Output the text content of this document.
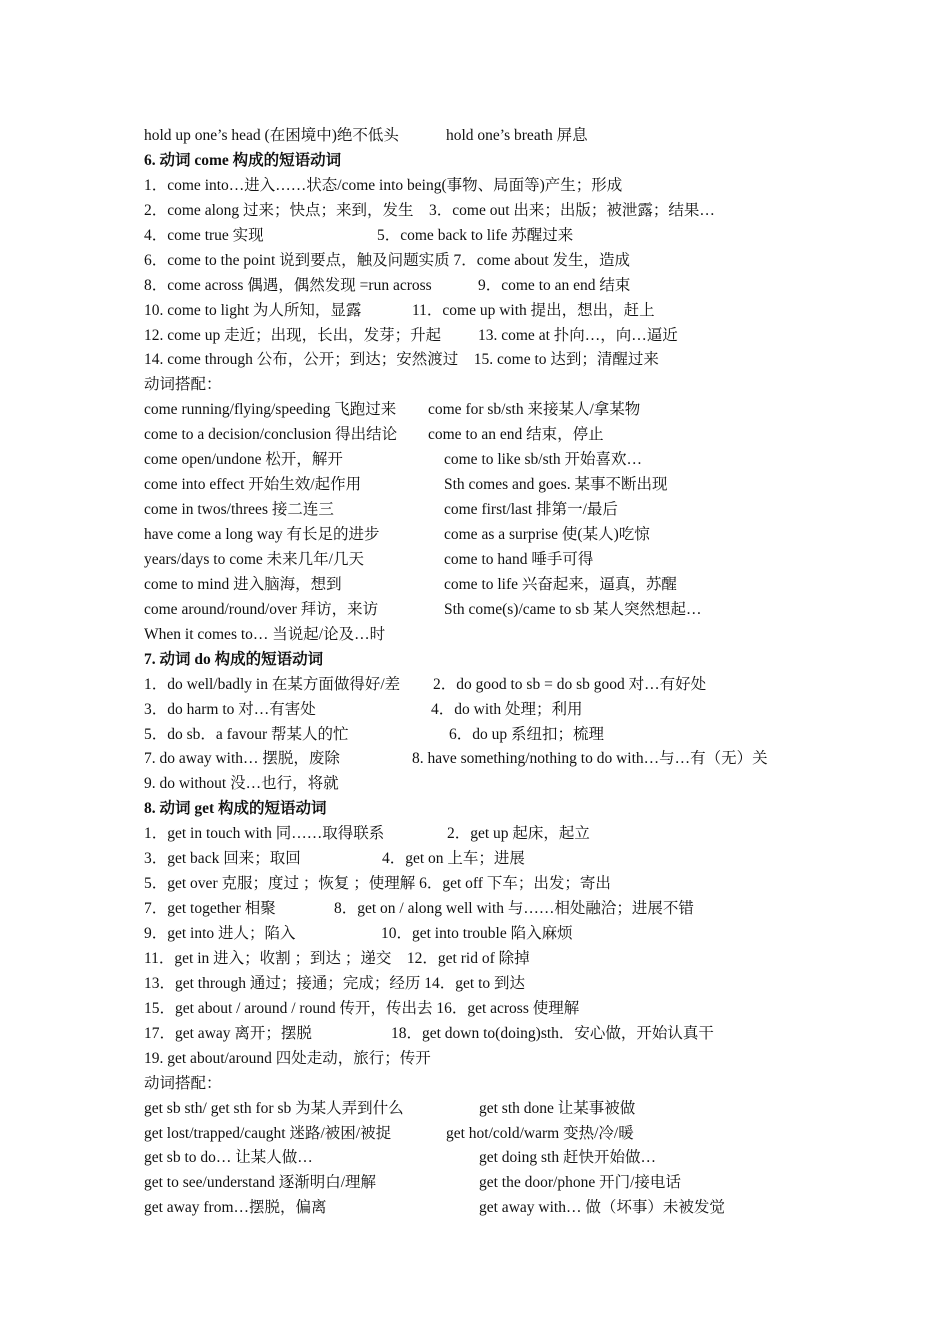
hold up one’s head (在困境中)绝不低头	hold one’s breath 屏息
6. 动词 come 构成的短语动词
1．come into…进入……状态/come into being(事物、局面等)产生；形成
2．come along 过来；快点；来到，发生　3．come out 出来；出版；被泄露；结果…
4．come true 实现	5．come back to life 苏醒过来
6．come to the point 说到要点，触及问题实质 7．come about 发生，造成
8．come across 偶遇，偶然发现 =run across	9．come to an end 结束
10. come to light 为人所知，显露	11．come up with 提出，想出，赶上
12. come up 走近；出现，长出，发芽；升起 13. come at 扑向…，向…逼近
14. come through 公布，公开；到达；安然渡过　15. come to 达到；清醒过来
动词搭配：
come running/flying/speeding 飞跑过来 come for sb/sth 来接某人/拿某物
come to a decision/conclusion 得出结论 come to an end 结束，停止
come open/undone 松开，解开	come to like sb/sth 开始喜欢…
come into effect 开始生效/起作用	Sth comes and goes. 某事不断出现
come in twos/threes 接二连三	come first/last 排第一/最后
have come a long way 有长足的进步	come as a surprise 使(某人)吃惊
years/days to come 未来几年/几天	come to hand 唾手可得
come to mind 进入脑海，想到	come to life 兴奋起来，逼真，苏醒
come around/round/over 拜访，来访	Sth come(s)/came to sb 某人突然想起…
When it comes to… 当说起/论及…时
7. 动词 do 构成的短语动词
1．do well/badly in 在某方面做得好/差 2．do good to sb = do sb good 对…有好处
3．do harm to 对…有害处	4．do with 处理；利用
5．do sb．a favour 帮某人的忙	6．do up 系纽扣；梳理
7. do away with… 摆脱，废除	8. have something/nothing to do with…与…有（无）关
9. do without 没…也行，将就
8. 动词 get 构成的短语动词
1．get in touch with 同……取得联系	2．get up 起床，起立
3．get back 回来；取回	4．get on 上车；进展
5．get over 克服；度过 ；恢复 ；使理解 6．get off 下车；出发；寄出
7．get together 相聚	8．get on / along well with 与……相处融洽；进展不错
9．get into 进人；陷入	10．get into trouble 陷入麻烦
11．get in 进入；收割 ；到达 ；递交　12．get rid of 除掉
13．get through 通过；接通；完成；经历 14．get to 到达
15．get about / around / round 传开，传出去 16．get across 使理解
17．get away 离开；摆脱	18．get down to(doing)sth．安心做，开始认真干
19. get about/around 四处走动，旅行；传开
动词搭配：
get sb sth/ get sth for sb 为某人弄到什么	get sth done 让某事被做
get lost/trapped/caught 迷路/被困/被捉	get hot/cold/warm 变热/冷/暖
get sb to do… 让某人做…	get doing sth 赶快开始做…
get to see/understand 逐渐明白/理解	get the door/phone 开门/接电话
get away from…摆脱，偏离	get away with… 做（坏事）未被发觉
